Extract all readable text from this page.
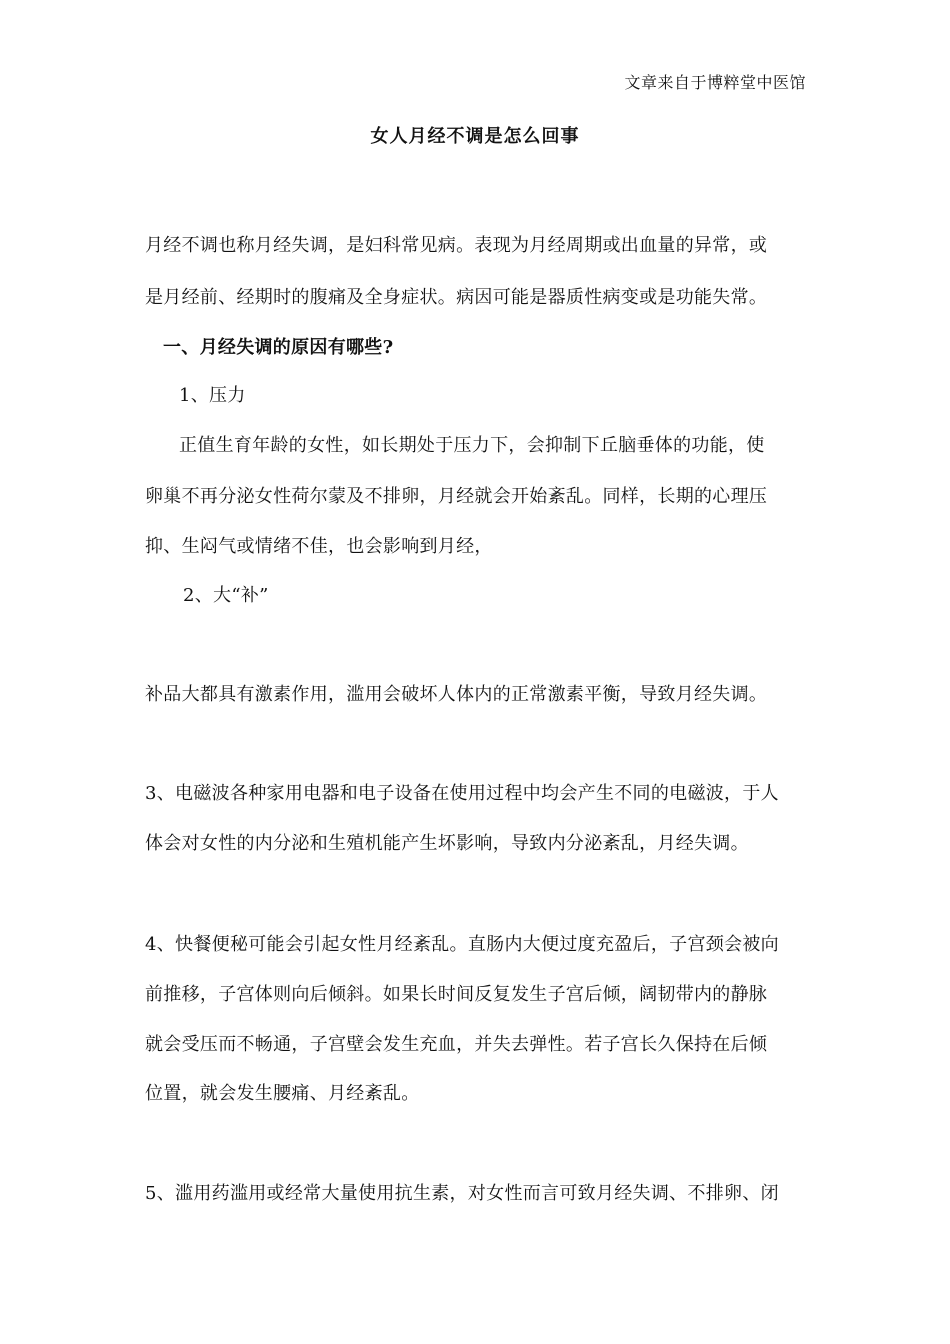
文章来自于博粹堂中医馆
女人月经不调是怎么回事
月经不调也称月经失调，是妇科常见病。表现为月经周期或出血量的异常，或
是月经前、经期时的腹痛及全身症状。病因可能是器质性病变或是功能失常。
一、月经失调的原因有哪些?
1、压力
正值生育年龄的女性，如长期处于压力下，会抑制下丘脑垂体的功能，使
卵巢不再分泌女性荷尔蒙及不排卵，月经就会开始紊乱。同样，长期的心理压
抑、生闷气或情绪不佳，也会影响到月经，
2、大“补”
补品大都具有激素作用，滥用会破坏人体内的正常激素平衡，导致月经失调。
3、电磁波各种家用电器和电子设备在使用过程中均会产生不同的电磁波，于人
体会对女性的内分泌和生殖机能产生坏影响，导致内分泌紊乱，月经失调。
4、快餐便秘可能会引起女性月经紊乱。直肠内大便过度充盈后，子宫颈会被向
前推移，子宫体则向后倾斜。如果长时间反复发生子宫后倾，阔韧带内的静脉
就会受压而不畅通，子宫壁会发生充血，并失去弹性。若子宫长久保持在后倾
位置，就会发生腰痛、月经紊乱。
5、滥用药滥用或经常大量使用抗生素，对女性而言可致月经失调、不排卵、闭
